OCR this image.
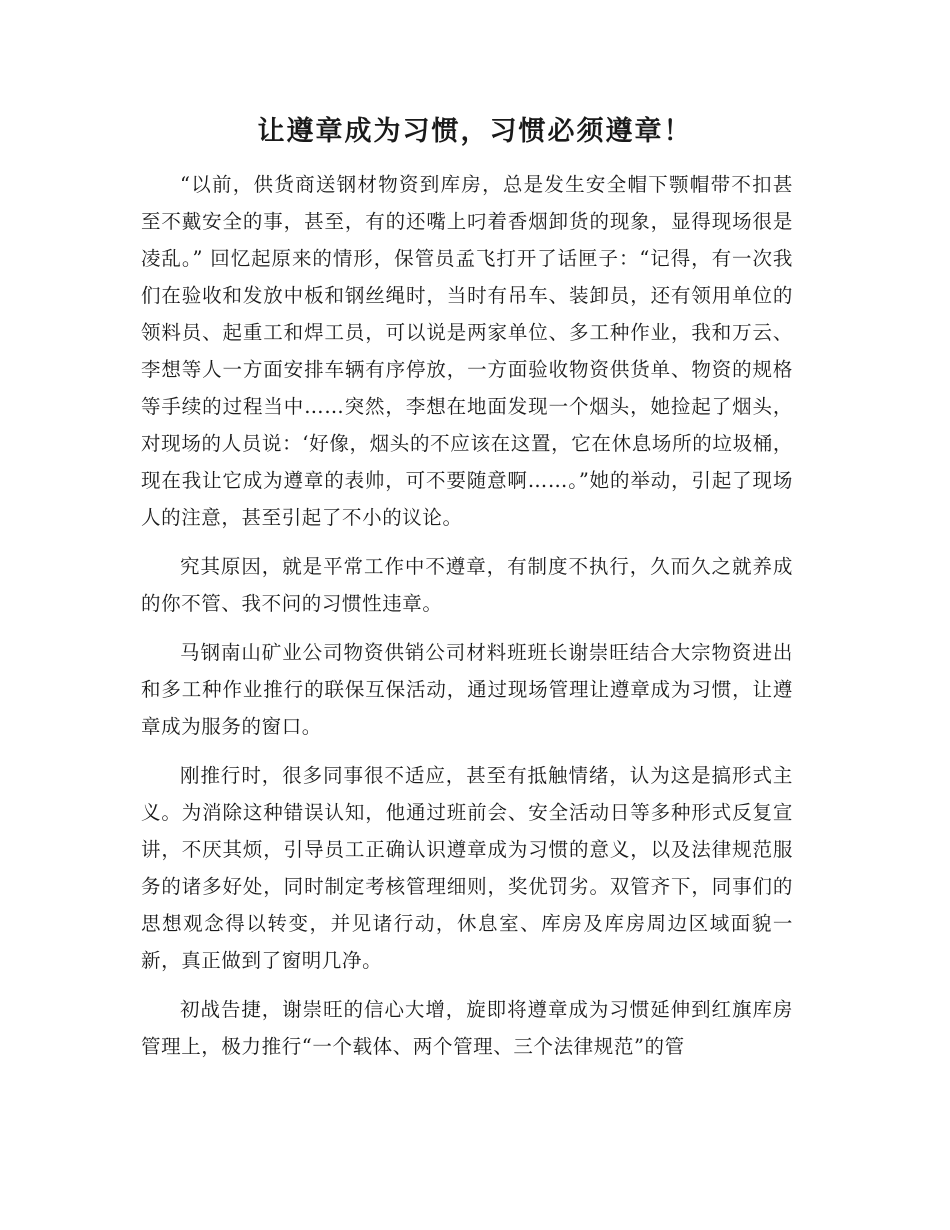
让遵章成为习惯，习惯必须遵章！

“以前，供货商送钢材物资到库房，总是发生安全帽下颚帽带不扣甚至不戴安全的事，甚至，有的还嘴上叼着香烟卸货的现象，显得现场很是凌乱。” 回忆起原来的情形，保管员孟飞打开了话匣子：“记得，有一次我们在验收和发放中板和钢丝绳时，当时有吊车、装卸员，还有领用单位的领料员、起重工和焊工员，可以说是两家单位、多工种作业，我和万云、李想等人一方面安排车辆有序停放，一方面验收物资供货单、物资的规格等手续的过程当中……突然，李想在地面发现一个烟头，她捡起了烟头，对现场的人员说：‘好像，烟头的不应该在这置，它在休息场所的垃圾桶，现在我让它成为遵章的表帅，可不要随意啊……。”她的举动，引起了现场人的注意，甚至引起了不小的议论。

究其原因，就是平常工作中不遵章，有制度不执行，久而久之就养成的你不管、我不问的习惯性违章。

马钢南山矿业公司物资供销公司材料班班长谢崇旺结合大宗物资进出和多工种作业推行的联保互保活动，通过现场管理让遵章成为习惯，让遵章成为服务的窗口。

刚推行时，很多同事很不适应，甚至有抵触情绪，认为这是搞形式主义。为消除这种错误认知，他通过班前会、安全活动日等多种形式反复宣讲，不厌其烦，引导员工正确认识遵章成为习惯的意义，以及法律规范服务的诸多好处，同时制定考核管理细则，奖优罚劣。双管齐下，同事们的思想观念得以转变，并见诸行动，休息室、库房及库房周边区域面貌一新，真正做到了窗明几净。

初战告捷，谢崇旺的信心大增，旋即将遵章成为习惯延伸到红旗库房管理上，极力推行“一个载体、两个管理、三个法律规范”的管
